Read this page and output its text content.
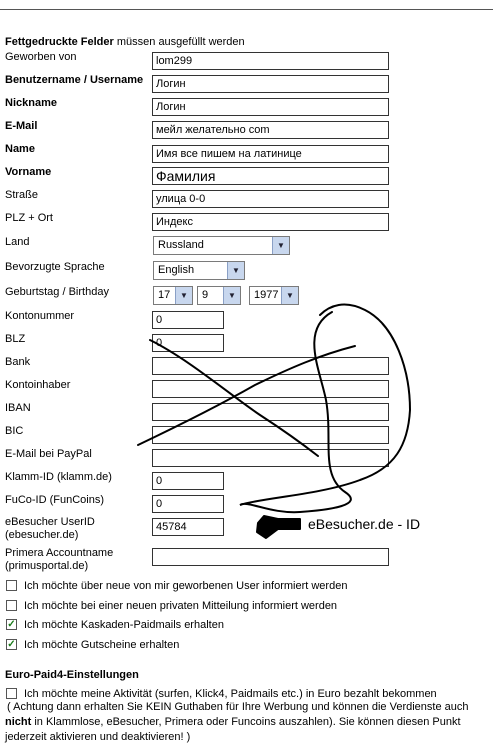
Fettgedruckte Felder müssen ausgefüllt werden
Geworben von	lom299
Benutzername / Username	Логин
Nickname	Логин
E-Mail	мейл желательно com
Name	Имя все пишем на латинице
Vorname	Фамилия
Straße	улица 0-0
PLZ + Ort	Индекс
Land	Russland	▼
Bevorzugte Sprache	English	▼
Geburtstag / Birthday	17	▼	9	▼	1977 ▼
Kontonummer	0
BLZ	0
Bank
Kontoinhaber
IBAN
BIC
E-Mail bei PayPal
Klamm-ID (klamm.de)	0
FuCo-ID (FunCoins)	0
eBesucher UserID
(ebesucher.de)
45784	eBesucher.de - ID
Primera Accountname
(primusportal.de)
Ich möchte über neue von mir geworbenen User informiert werden
Ich möchte bei einer neuen privaten Mitteilung informiert werden
✓ Ich möchte Kaskaden-Paidmails erhalten
✓ Ich möchte Gutscheine erhalten
Euro-Paid4-Einstellungen
Ich möchte meine Aktivität (surfen, Klick4, Paidmails etc.) in Euro bezahlt bekommen
( Achtung dann erhalten Sie KEIN Guthaben für Ihre Werbung und können die Verdienste auch
nicht in Klammlose, eBesucher, Primera oder Funcoins auszahlen). Sie können diesen Punkt
jederzeit aktivieren und deaktivieren! )
